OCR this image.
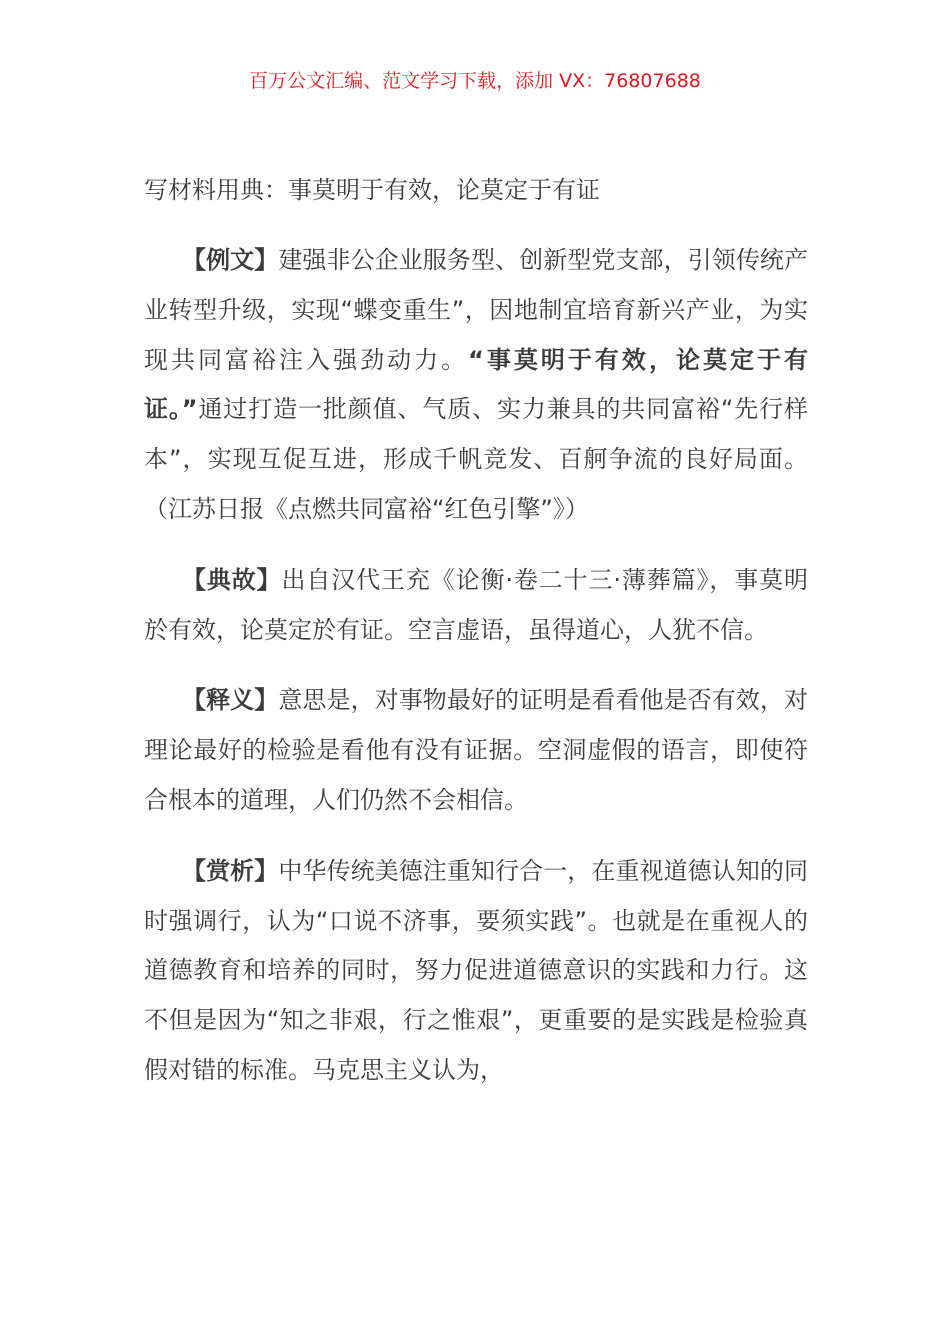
百万公文汇编、范文学习下载，添加 VX：76807688
写材料用典：事莫明于有效，论莫定于有证

【例文】建强非公企业服务型、创新型党支部，引领传统产业转型升级，实现“蝶变重生”，因地制宜培育新兴产业，为实现共同富裕注入强劲动力。“事莫明于有效，论莫定于有证。”通过打造一批颜值、气质、实力兼具的共同富裕“先行样本”，实现互促互进，形成千帆竞发、百舸争流的良好局面。（江苏日报《点燃共同富裕“红色引擎”》）

【典故】出自汉代王充《论衡·卷二十三·薄葬篇》，事莫明於有效，论莫定於有证。空言虚语，虽得道心，人犹不信。

【释义】意思是，对事物最好的证明是看看他是否有效，对理论最好的检验是看他有没有证据。空洞虚假的语言，即使符合根本的道理，人们仍然不会相信。

【赏析】中华传统美德注重知行合一，在重视道德认知的同时强调行，认为“口说不济事，要须实践”。也就是在重视人的道德教育和培养的同时，努力促进道德意识的实践和力行。这不但是因为“知之非艰，行之惟艰”，更重要的是实践是检验真假对错的标准。马克思主义认为，
